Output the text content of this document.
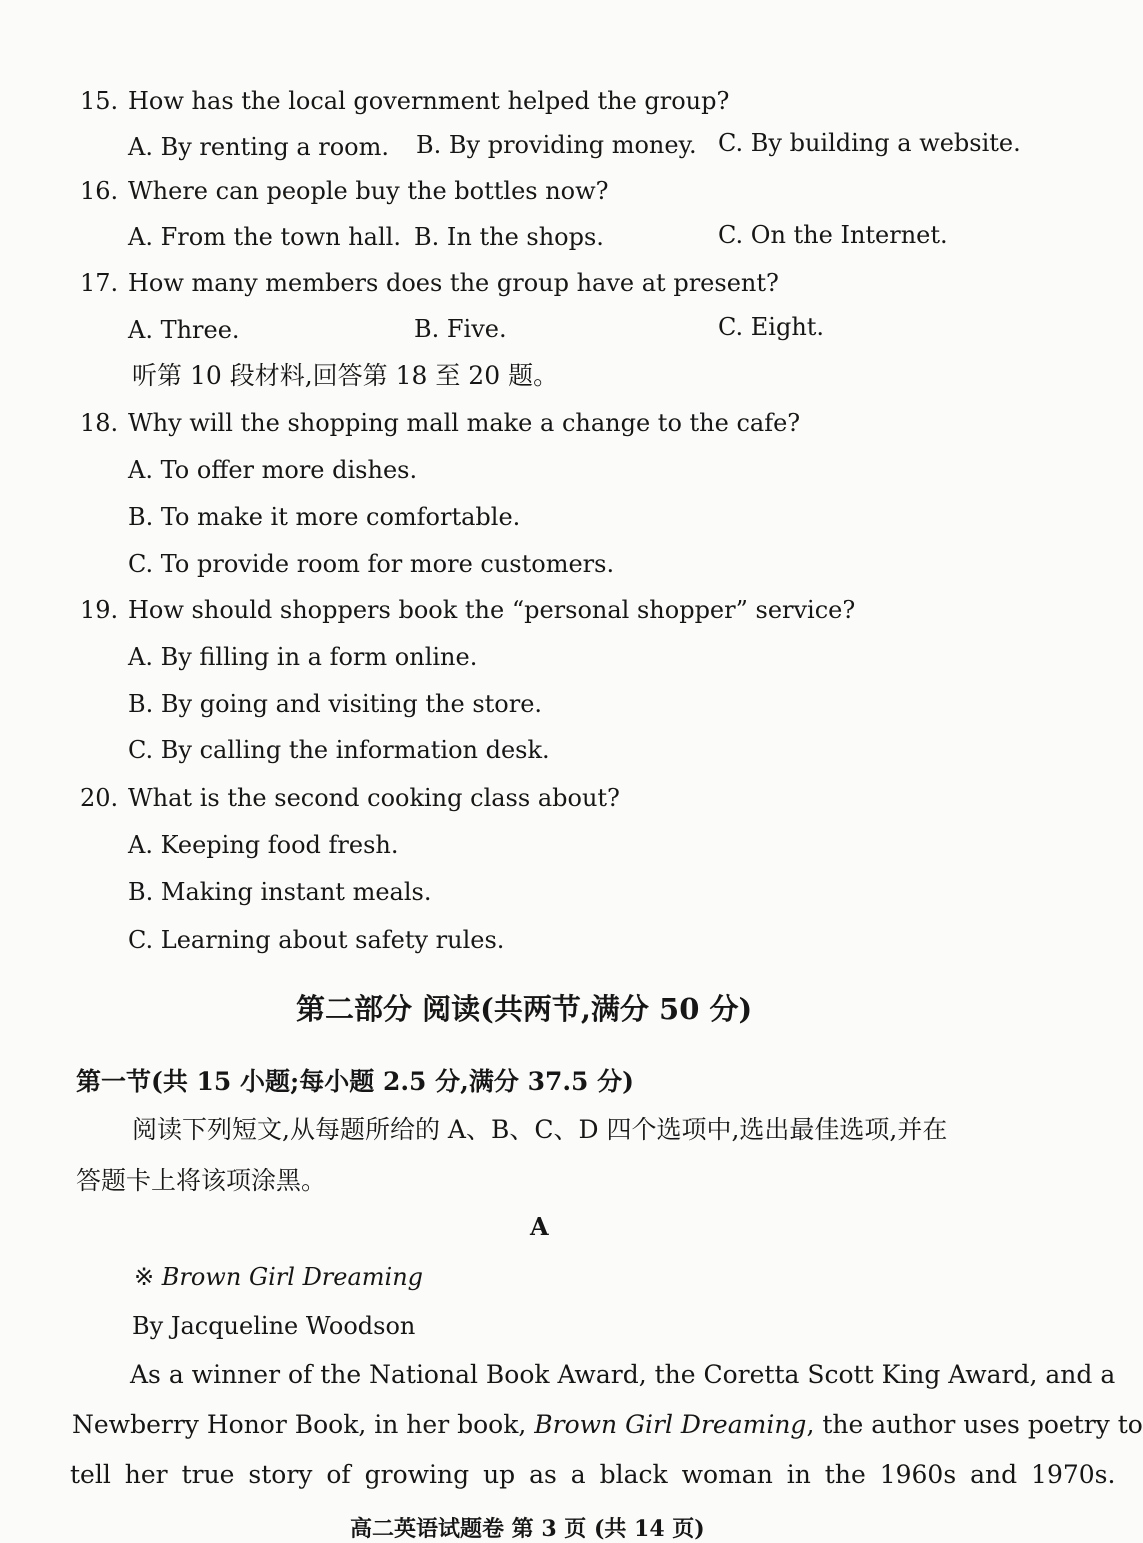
15. How has the local government helped the group?
A. By renting a room. B. By providing money. C. By building a website.
16. Where can people buy the bottles now?
A. From the town hall. B. In the shops.	C. On the Internet.
17. How many members does the group have at present?
A. Three.	B. Five.	C. Eight.
听第 10 段材料,回答第 18 至 20 题。
18. Why will the shopping mall make a change to the cafe?
A. To offer more dishes.
B. To make it more comfortable.
C. To provide room for more customers.
19. How should shoppers book the “personal shopper” service?
A. By filling in a form online.
B. By going and visiting the store.
C. By calling the information desk.
20. What is the second cooking class about?
A. Keeping food fresh.
B. Making instant meals.
C. Learning about safety rules.
第二部分 阅读(共两节,满分 50 分)
第一节(共 15 小题;每小题 2.5 分,满分 37.5 分)
阅读下列短文,从每题所给的 A、B、C、D 四个选项中,选出最佳选项,并在
答题卡上将该项涂黑。
A
※ Brown Girl Dreaming
By Jacqueline Woodson
As a winner of the National Book Award, the Coretta Scott King Award, and a
Newberry Honor Book, in her book, Brown Girl Dreaming, the author uses poetry to
tell her true story of growing up as a black woman in the 1960s and 1970s.
高二英语试题卷 第 3 页 (共 14 页)
